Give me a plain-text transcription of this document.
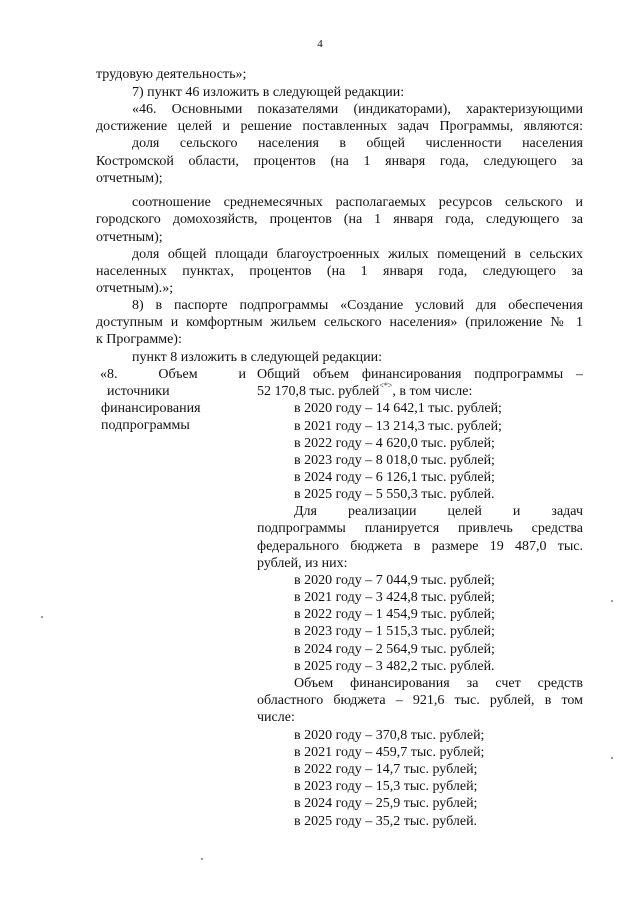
4
трудовую деятельность»;
7) пункт 46 изложить в следующей редакции:
«46. Основными показателями (индикаторами), характеризующими
достижение целей и решение поставленных задач Программы, являются:
доля сельского населения в общей численности населения
Костромской области, процентов (на 1 января года, следующего за
отчетным);
соотношение среднемесячных располагаемых ресурсов сельского и
городского домохозяйств, процентов (на 1 января года, следующего за
отчетным);
доля общей площади благоустроенных жилых помещений в сельских
населенных пунктах, процентов (на 1 января года, следующего за
отчетным).»;
8) в паспорте подпрограммы «Создание условий для обеспечения
доступным и комфортным жильем сельского населения» (приложение № 1
к Программе):
пункт 8 изложить в следующей редакции:
«8. Объем и
источники
финансирования
подпрограммы
Общий объем финансирования подпрограммы –
52 170,8 тыс. рублей<*>, в том числе:
в 2020 году – 14 642,1 тыс. рублей;
в 2021 году – 13 214,3 тыс. рублей;
в 2022 году – 4 620,0 тыс. рублей;
в 2023 году – 8 018,0 тыс. рублей;
в 2024 году – 6 126,1 тыс. рублей;
в 2025 году – 5 550,3 тыс. рублей.
Для реализации целей и задач
подпрограммы планируется привлечь средства
федерального бюджета в размере 19 487,0 тыс.
рублей, из них:
в 2020 году – 7 044,9 тыс. рублей;
в 2021 году – 3 424,8 тыс. рублей;
в 2022 году – 1 454,9 тыс. рублей;
в 2023 году – 1 515,3 тыс. рублей;
в 2024 году – 2 564,9 тыс. рублей;
в 2025 году – 3 482,2 тыс. рублей.
Объем финансирования за счет средств
областного бюджета – 921,6 тыс. рублей, в том
числе:
в 2020 году – 370,8 тыс. рублей;
в 2021 году – 459,7 тыс. рублей;
в 2022 году – 14,7 тыс. рублей;
в 2023 году – 15,3 тыс. рублей;
в 2024 году – 25,9 тыс. рублей;
в 2025 году – 35,2 тыс. рублей.
